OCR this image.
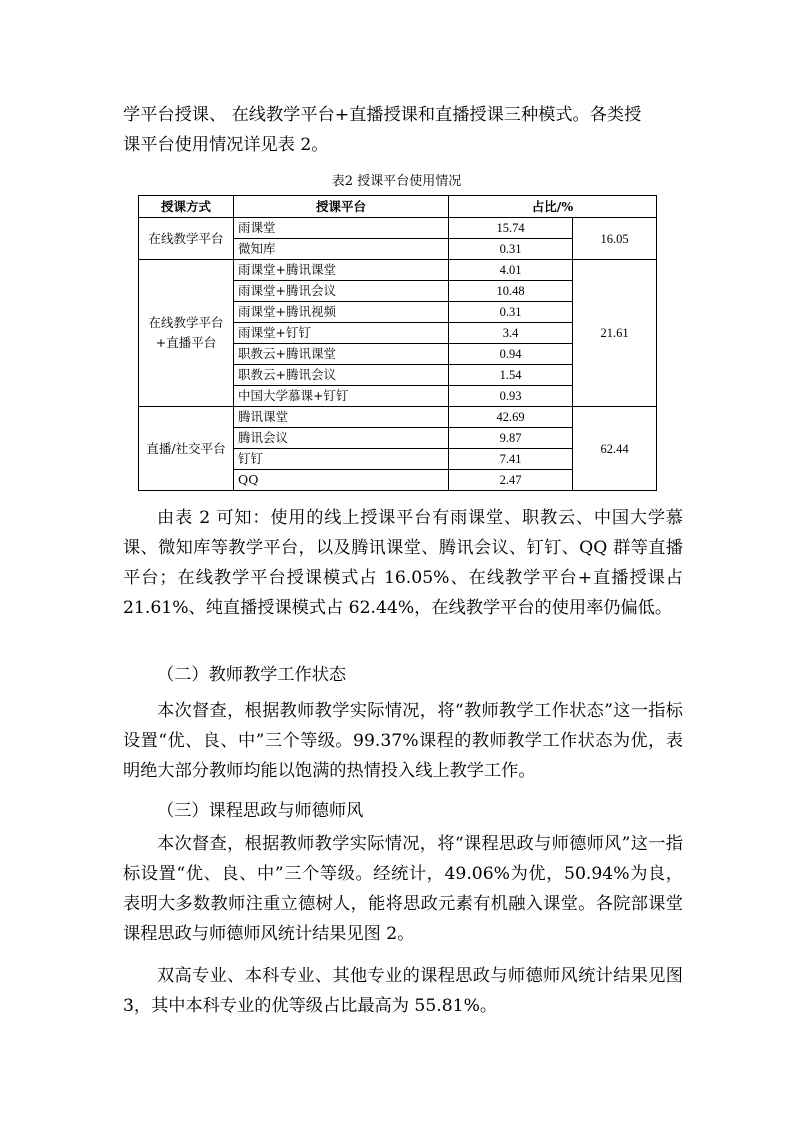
学平台授课、 在线教学平台+直播授课和直播授课三种模式。各类授

课平台使用情况详见表 2。

表2 授课平台使用情况

授课方式	授课平台	占比/%	
在线教学平台	雨课堂	15.74	16.05
	微知库	0.31	
在线教学平台+直播平台	雨课堂+腾讯课堂	4.01	21.61
	雨课堂+腾讯会议	10.48	
	雨课堂+腾讯视频	0.31	
	雨课堂+钉钉	3.4	
	职教云+腾讯课堂	0.94	
	职教云+腾讯会议	1.54	
	中国大学慕课+钉钉	0.93	
直播/社交平台	腾讯课堂	42.69	62.44
	腾讯会议	9.87	
	钉钉	7.41	
	QQ	2.47	

由表 2 可知：使用的线上授课平台有雨课堂、职教云、中国大学慕课、微知库等教学平台，以及腾讯课堂、腾讯会议、钉钉、QQ 群等直播平台；在线教学平台授课模式占 16.05%、在线教学平台+直播授课占 21.61%、纯直播授课模式占 62.44%，在线教学平台的使用率仍偏低。

（二）教师教学工作状态

本次督查，根据教师教学实际情况，将“教师教学工作状态”这一指标设置“优、良、中”三个等级。99.37%课程的教师教学工作状态为优，表明绝大部分教师均能以饱满的热情投入线上教学工作。

（三）课程思政与师德师风

本次督查，根据教师教学实际情况，将“课程思政与师德师风”这一指标设置“优、良、中”三个等级。经统计，49.06%为优，50.94%为良，表明大多数教师注重立德树人，能将思政元素有机融入课堂。各院部课堂课程思政与师德师风统计结果见图 2。

双高专业、本科专业、其他专业的课程思政与师德师风统计结果见图 3，其中本科专业的优等级占比最高为 55.81%。
